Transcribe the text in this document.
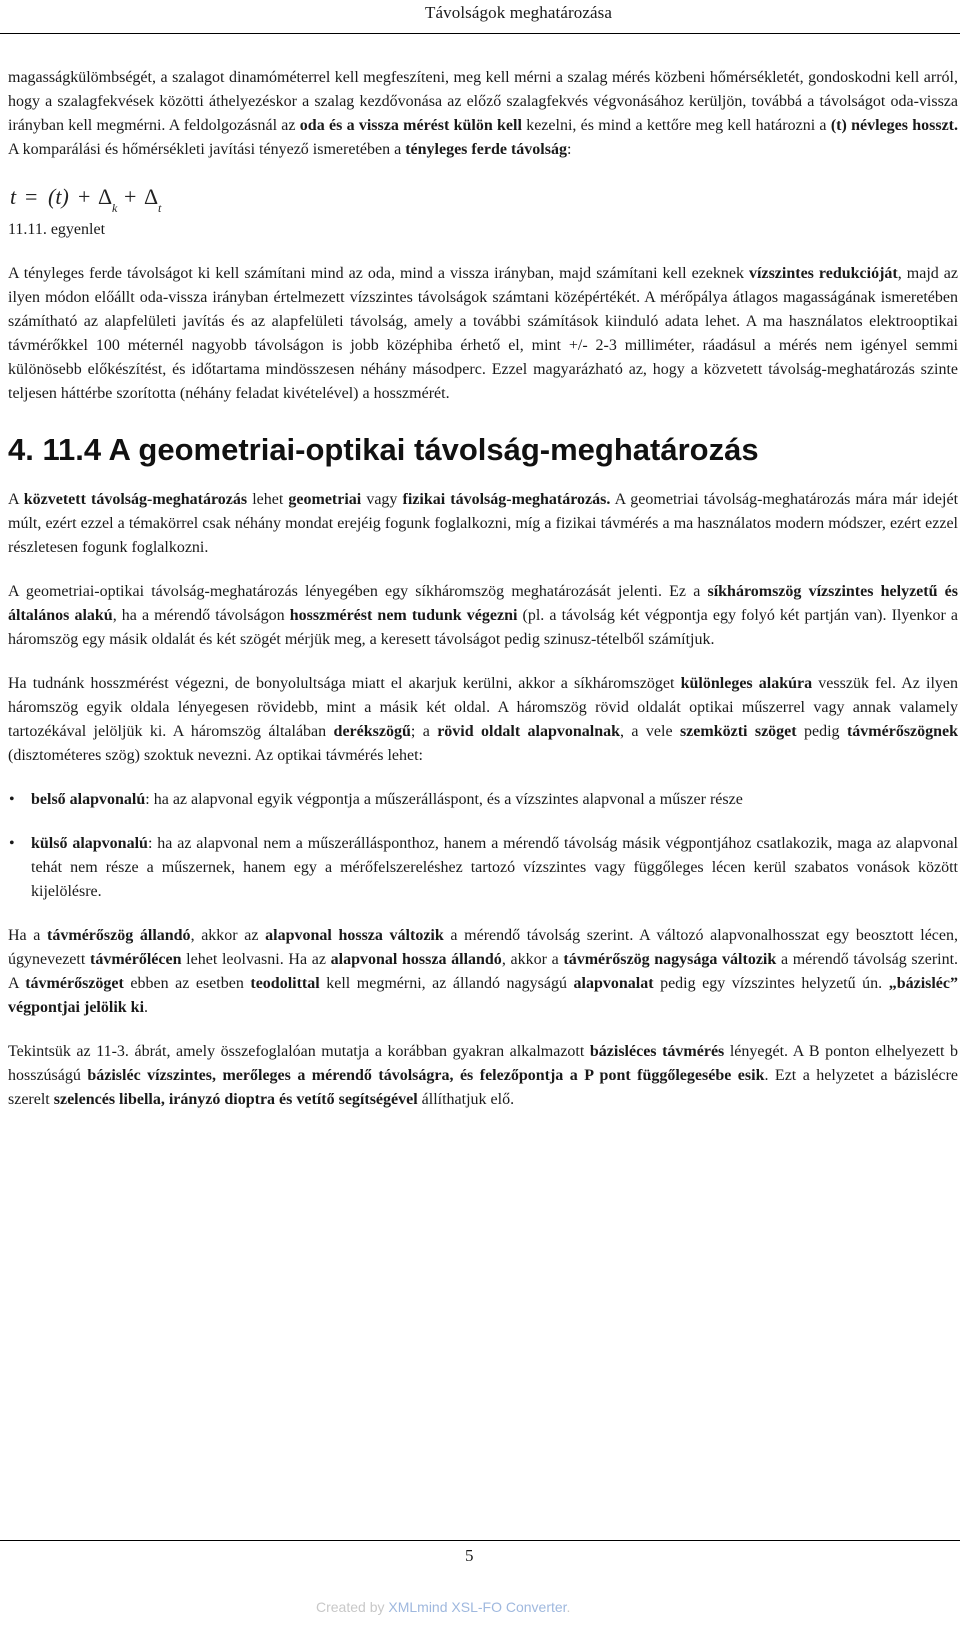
Távolságok meghatározása

magasságkülömbségét, a szalagot dinamóméterrel kell megfeszíteni, meg kell mérni a szalag mérés közbeni hőmérsékletét, gondoskodni kell arról, hogy a szalagfekvések közötti áthelyezéskor a szalag kezdővonása az előző szalagfekvés végvonásához kerüljön, továbbá a távolságot oda-vissza irányban kell megmérni. A feldolgozásnál az oda és a vissza mérést külön kell kezelni, és mind a kettőre meg kell határozni a (t) névleges hosszt. A komparálási és hőmérsékleti javítási tényező ismeretében a tényleges ferde távolság:

t = (t) + Δ k + Δ t

11.11. egyenlet

A tényleges ferde távolságot ki kell számítani mind az oda, mind a vissza irányban, majd számítani kell ezeknek vízszintes redukcióját, majd az ilyen módon előállt oda-vissza irányban értelmezett vízszintes távolságok számtani középértékét. A mérőpálya átlagos magasságának ismeretében számítható az alapfelületi javítás és az alapfelületi távolság, amely a további számítások kiinduló adata lehet. A ma használatos elektrooptikai távmérőkkel 100 méternél nagyobb távolságon is jobb középhiba érhető el, mint +/- 2-3 milliméter, ráadásul a mérés nem igényel semmi különösebb előkészítést, és időtartama mindösszesen néhány másodperc. Ezzel magyarázható az, hogy a közvetett távolság-meghatározás szinte teljesen háttérbe szorította (néhány feladat kivételével) a hosszmérét.

4. 11.4 A geometriai-optikai távolság-meghatározás

A közvetett távolság-meghatározás lehet geometriai vagy fizikai távolság-meghatározás. A geometriai távolság-meghatározás mára már idejét múlt, ezért ezzel a témakörrel csak néhány mondat erejéig fogunk foglalkozni, míg a fizikai távmérés a ma használatos modern módszer, ezért ezzel részletesen fogunk foglalkozni.

A geometriai-optikai távolság-meghatározás lényegében egy síkháromszög meghatározását jelenti. Ez a síkháromszög vízszintes helyzetű és általános alakú, ha a mérendő távolságon hosszmérést nem tudunk végezni (pl. a távolság két végpontja egy folyó két partján van). Ilyenkor a háromszög egy másik oldalát és két szögét mérjük meg, a keresett távolságot pedig szinusz-tételből számítjuk.

Ha tudnánk hosszmérést végezni, de bonyolultsága miatt el akarjuk kerülni, akkor a síkháromszöget különleges alakúra vesszük fel. Az ilyen háromszög egyik oldala lényegesen rövidebb, mint a másik két oldal. A háromszög rövid oldalát optikai műszerrel vagy annak valamely tartozékával jelöljük ki. A háromszög általában derékszögű; a rövid oldalt alapvonalnak, a vele szemközti szöget pedig távmérőszögnek (disztométeres szög) szoktuk nevezni. Az optikai távmérés lehet:

• belső alapvonalú: ha az alapvonal egyik végpontja a műszerálláspont, és a vízszintes alapvonal a műszer része
• külső alapvonalú: ha az alapvonal nem a műszerállásponthoz, hanem a mérendő távolság másik végpontjához csatlakozik, maga az alapvonal tehát nem része a műszernek, hanem egy a mérőfelszereléshez tartozó vízszintes vagy függőleges lécen kerül szabatos vonások között kijelölésre.

Ha a távmérőszög állandó, akkor az alapvonal hossza változik a mérendő távolság szerint. A változó alapvonalhosszat egy beosztott lécen, úgynevezett távmérőlécen lehet leolvasni. Ha az alapvonal hossza állandó, akkor a távmérőszög nagysága változik a mérendő távolság szerint. A távmérőszöget ebben az esetben teodolittal kell megmérni, az állandó nagyságú alapvonalat pedig egy vízszintes helyzetű ún. „bázisléc” végpontjai jelölik ki.

Tekintsük az 11-3. ábrát, amely összefoglalóan mutatja a korábban gyakran alkalmazott bázisléces távmérés lényegét. A B ponton elhelyezett b hosszúságú bázisléc vízszintes, merőleges a mérendő távolságra, és felezőpontja a P pont függőlegesébe esik. Ezt a helyzetet a bázislécre szerelt szelencés libella, irányzó dioptra és vetítő segítségével állíthatjuk elő.

5
Created by XMLmind XSL-FO Converter.
